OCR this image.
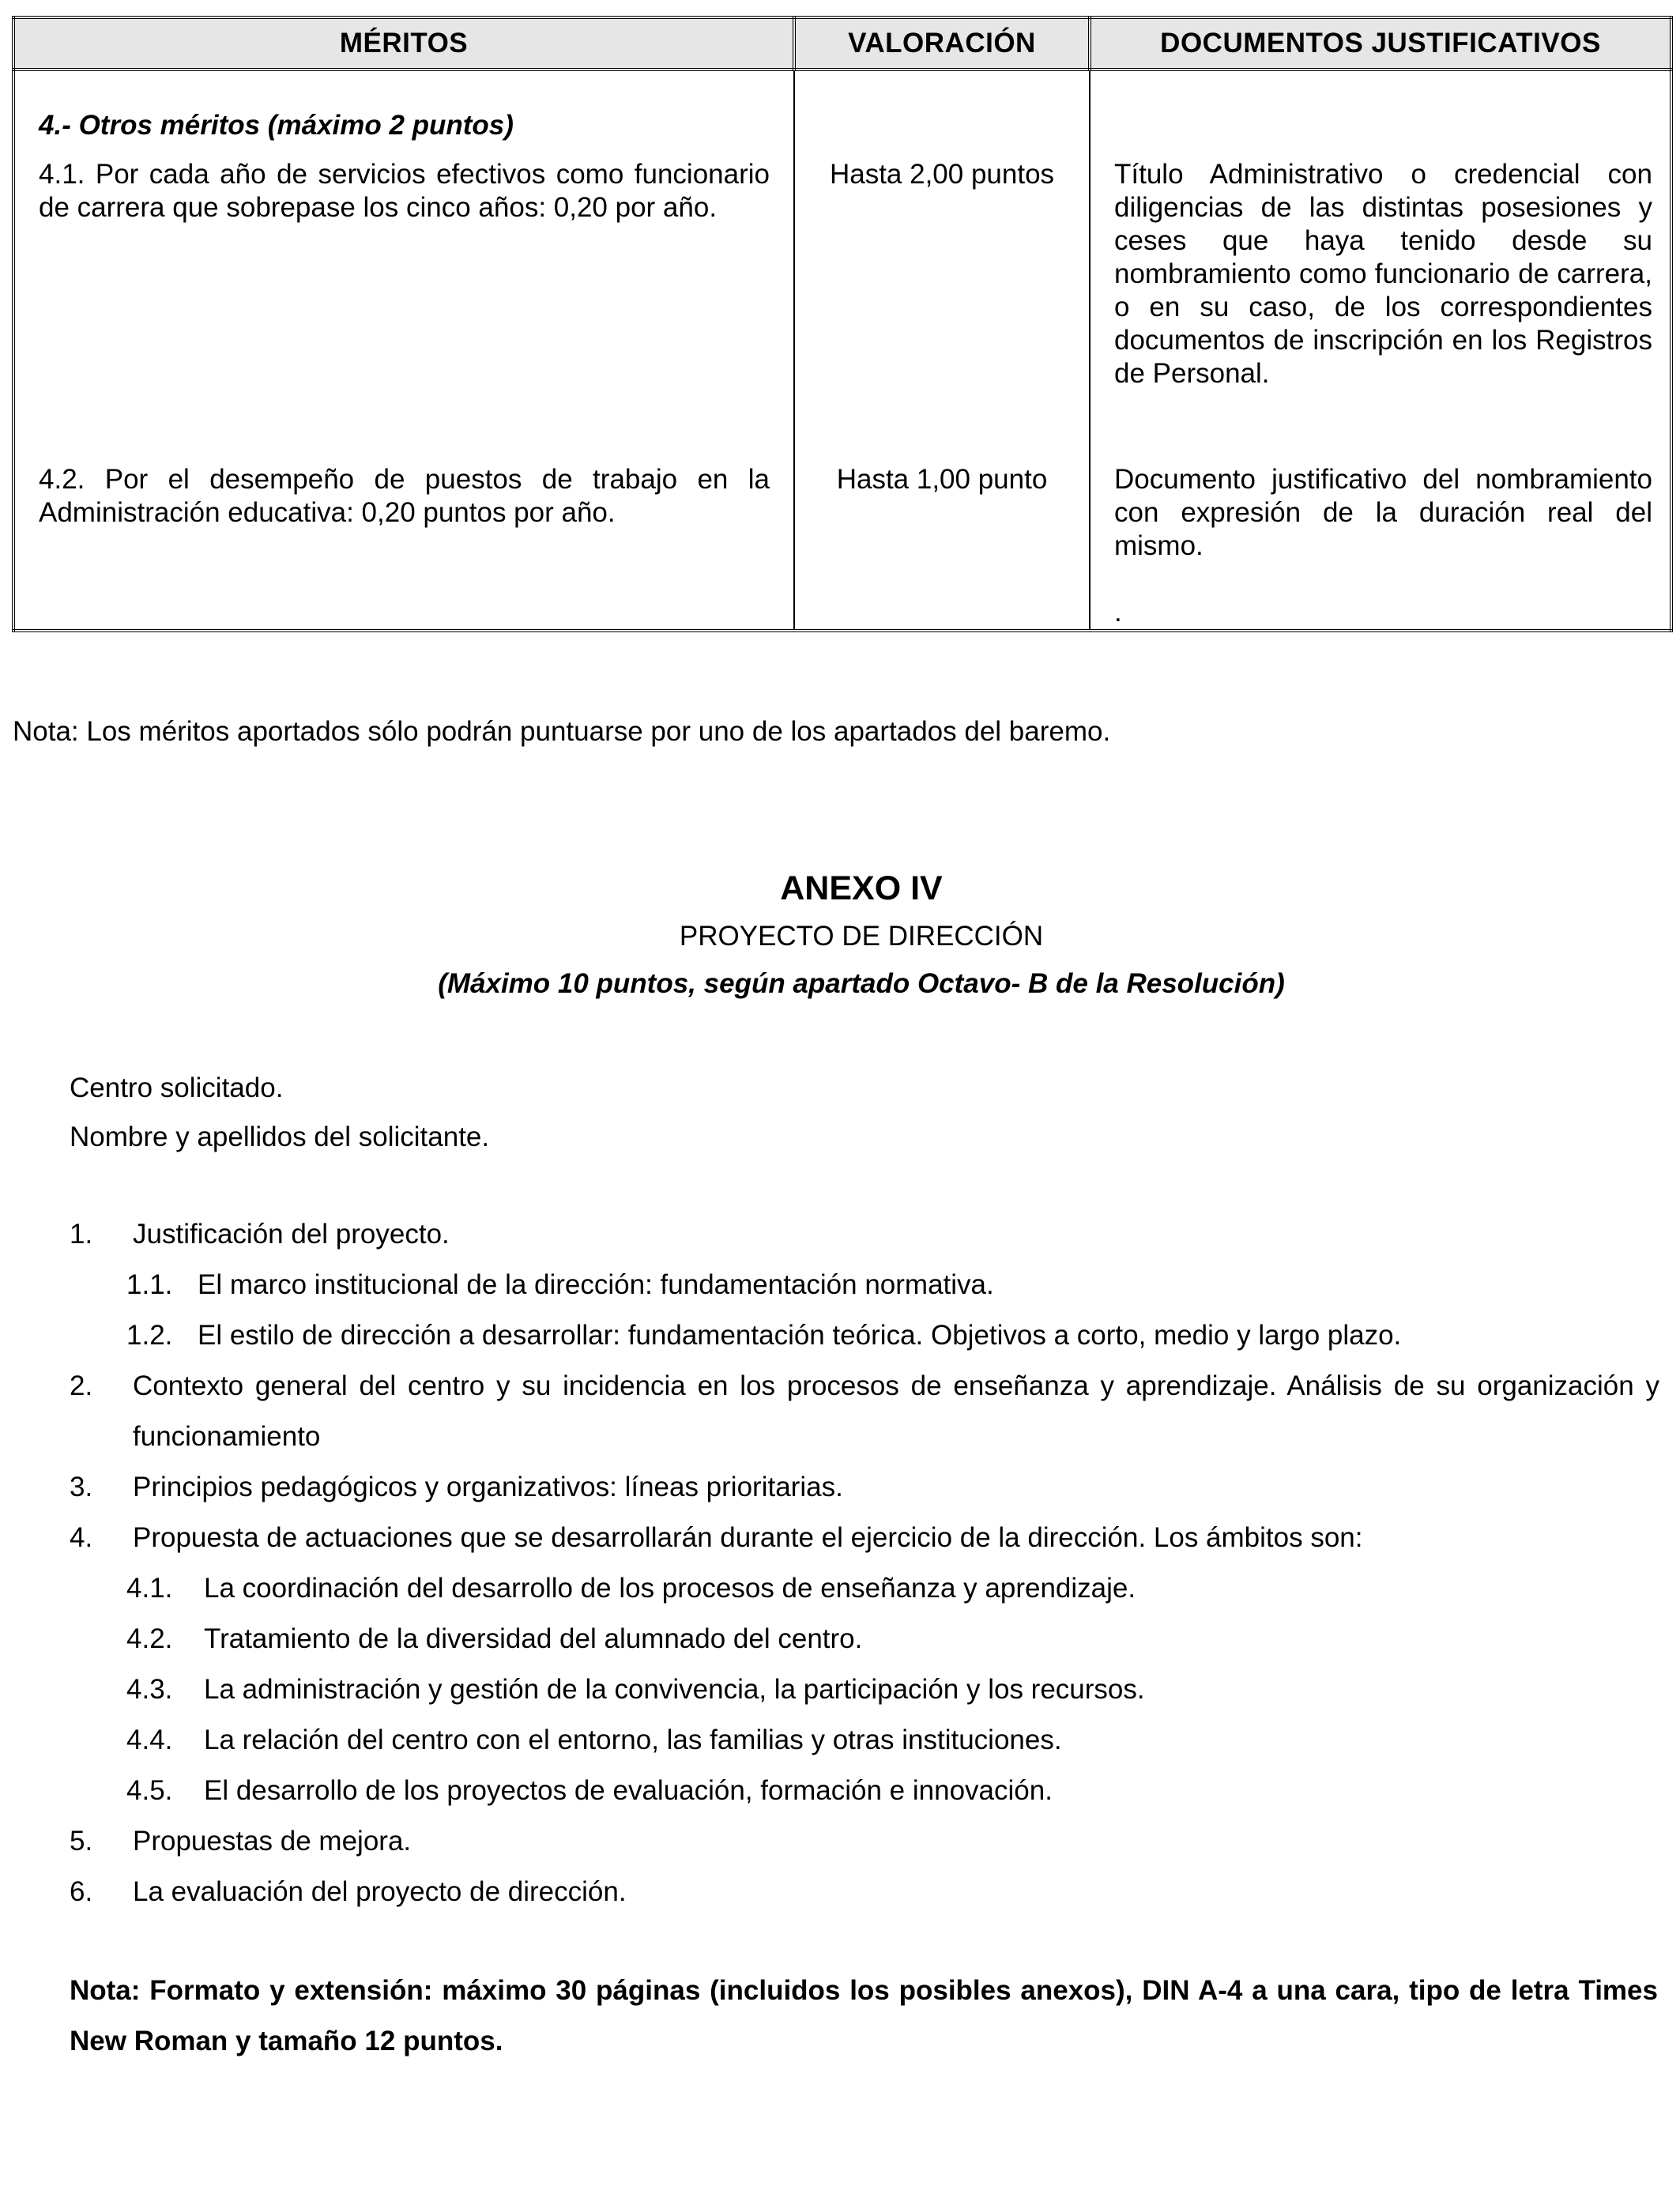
MÉRITOS	VALORACIÓN	DOCUMENTOS JUSTIFICATIVOS

4.- Otros méritos (máximo 2 puntos)
4.1. Por cada año de servicios efectivos como funcionario de carrera que sobrepase los cinco años: 0,20 por año.	Hasta 2,00 puntos	Título Administrativo o credencial con diligencias de las distintas posesiones y ceses que haya tenido desde su nombramiento como funcionario de carrera, o en su caso, de los correspondientes documentos de inscripción en los Registros de Personal.

4.2. Por el desempeño de puestos de trabajo en la Administración educativa: 0,20 puntos por año.	Hasta 1,00 punto	Documento justificativo del nombramiento con expresión de la duración real del mismo.
.
Nota: Los méritos aportados sólo podrán puntuarse por uno de los apartados del baremo.
ANEXO IV
PROYECTO DE DIRECCIÓN
(Máximo 10 puntos, según apartado Octavo- B de la Resolución)
Centro solicitado.
Nombre y apellidos del solicitante.
1. Justificación del proyecto.
1.1. El marco institucional de la dirección: fundamentación normativa.
1.2. El estilo de dirección a desarrollar: fundamentación teórica. Objetivos a corto, medio y largo plazo.
2. Contexto general del centro y su incidencia en los procesos de enseñanza y aprendizaje. Análisis de su organización y funcionamiento
3. Principios pedagógicos y organizativos: líneas prioritarias.
4. Propuesta de actuaciones que se desarrollarán durante el ejercicio de la dirección. Los ámbitos son:
4.1. La coordinación del desarrollo de los procesos de enseñanza y aprendizaje.
4.2. Tratamiento de la diversidad del alumnado del centro.
4.3. La administración y gestión de la convivencia, la participación y los recursos.
4.4. La relación del centro con el entorno, las familias y otras instituciones.
4.5. El desarrollo de los proyectos de evaluación, formación e innovación.
5. Propuestas de mejora.
6. La evaluación del proyecto de dirección.
Nota: Formato y extensión: máximo 30 páginas (incluidos los posibles anexos), DIN A-4 a una cara, tipo de letra Times New Roman y tamaño 12 puntos.
